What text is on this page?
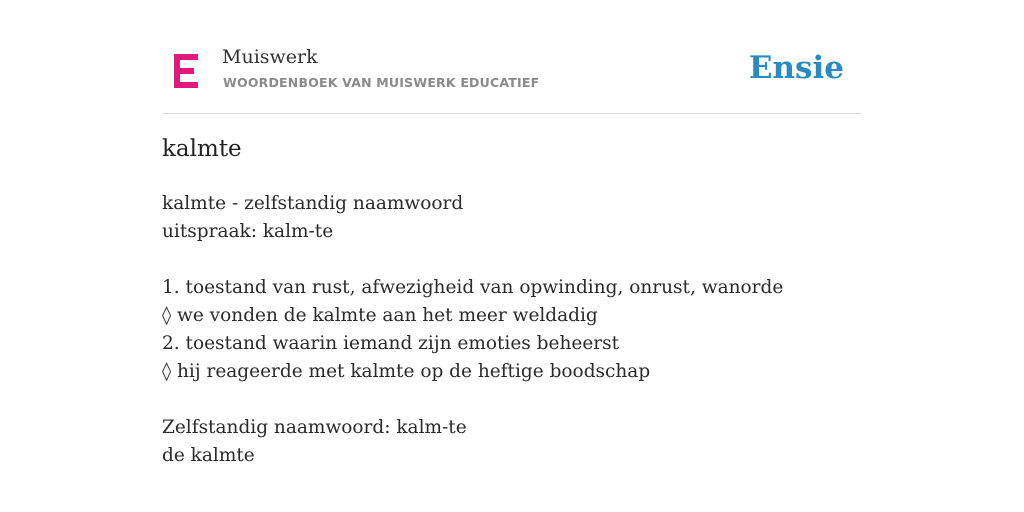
Muiswerk
WOORDENBOEK VAN MUISWERK EDUCATIEF	Ensie
kalmte
kalmte - zelfstandig naamwoord
uitspraak: kalm-te
1. toestand van rust, afwezigheid van opwinding, onrust, wanorde
◊ we vonden de kalmte aan het meer weldadig
2. toestand waarin iemand zijn emoties beheerst
◊ hij reageerde met kalmte op de heftige boodschap
Zelfstandig naamwoord: kalm-te
de kalmte
